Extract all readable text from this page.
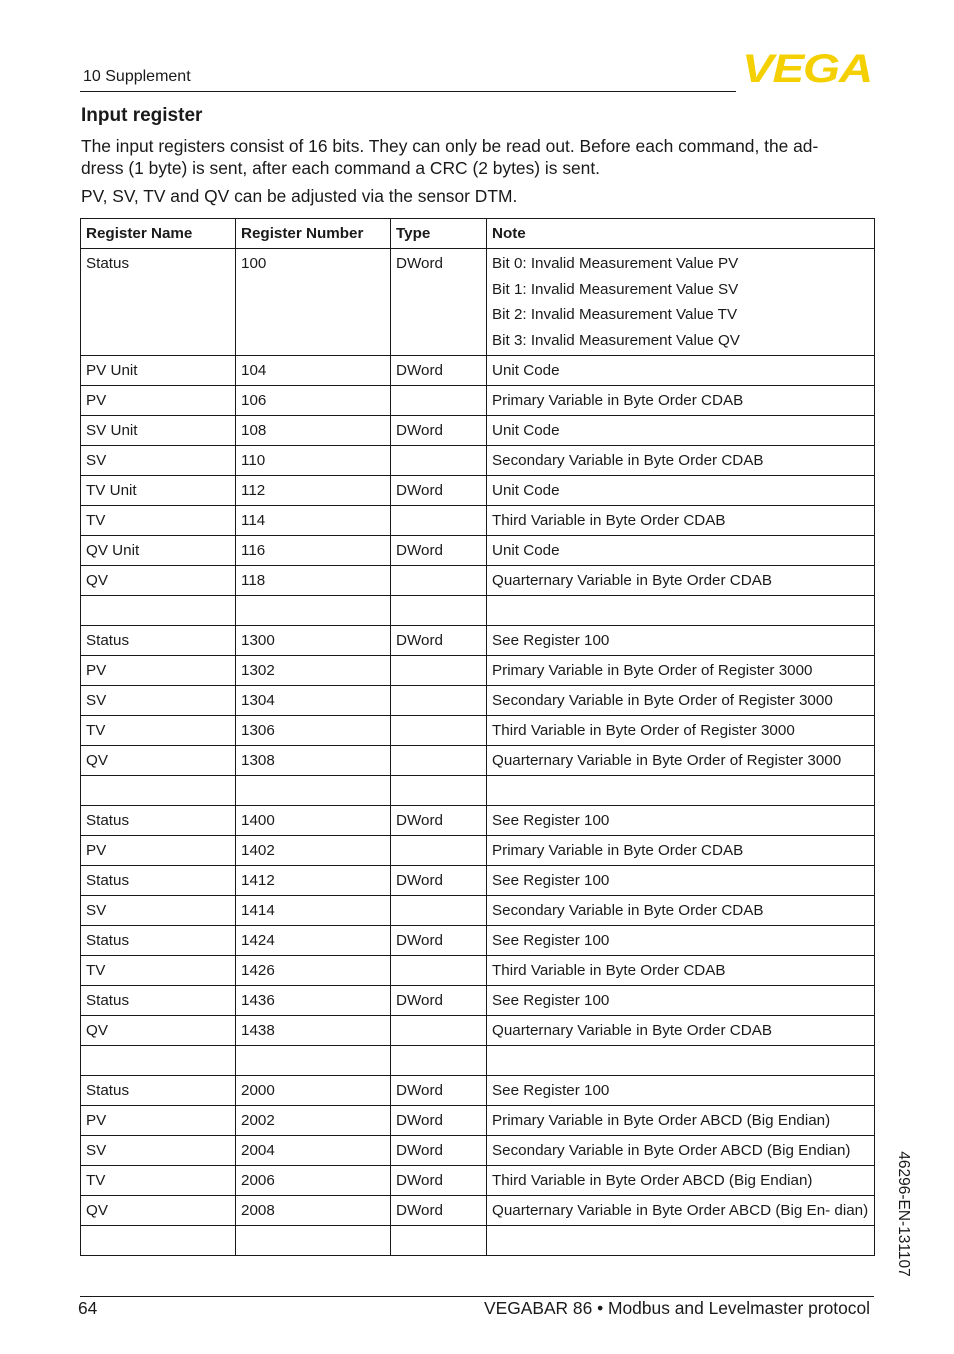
10 Supplement	VEGA
Input register
The input registers consist of 16 bits. They can only be read out. Before each command, the ad- dress (1 byte) is sent, after each command a CRC (2 bytes) is sent.
PV, SV, TV and QV can be adjusted via the sensor DTM.
Register Name	Register Number	Type	Note
Status	100	DWord	Bit 0: Invalid Measurement Value PV
Bit 1: Invalid Measurement Value SV
Bit 2: Invalid Measurement Value TV
Bit 3: Invalid Measurement Value QV

PV Unit	104	DWord	Unit Code
PV	106		Primary Variable in Byte Order CDAB
SV Unit	108	DWord	Unit Code
SV	110		Secondary Variable in Byte Order CDAB
TV Unit	112	DWord	Unit Code
TV	114		Third Variable in Byte Order CDAB
QV Unit	116	DWord	Unit Code
QV	118		Quarternary Variable in Byte Order CDAB

Status	1300	DWord	See Register 100
PV	1302		Primary Variable in Byte Order of Register 3000
SV	1304		Secondary Variable in Byte Order of Register 3000
TV	1306		Third Variable in Byte Order of Register 3000
QV	1308		Quarternary Variable in Byte Order of Register 3000

Status	1400	DWord	See Register 100
PV	1402		Primary Variable in Byte Order CDAB
Status	1412	DWord	See Register 100
SV	1414		Secondary Variable in Byte Order CDAB
Status	1424	DWord	See Register 100
TV	1426		Third Variable in Byte Order CDAB
Status	1436	DWord	See Register 100
QV	1438		Quarternary Variable in Byte Order CDAB

Status	2000	DWord	See Register 100
PV	2002	DWord	Primary Variable in Byte Order ABCD (Big Endian)
SV	2004	DWord	Secondary Variable in Byte Order ABCD (Big Endian)
TV	2006	DWord	Third Variable in Byte Order ABCD (Big Endian)
QV	2008	DWord	Quarternary Variable in Byte Order ABCD (Big En- dian)
			46296-EN-131107
64	VEGABAR 86 • Modbus and Levelmaster protocol
